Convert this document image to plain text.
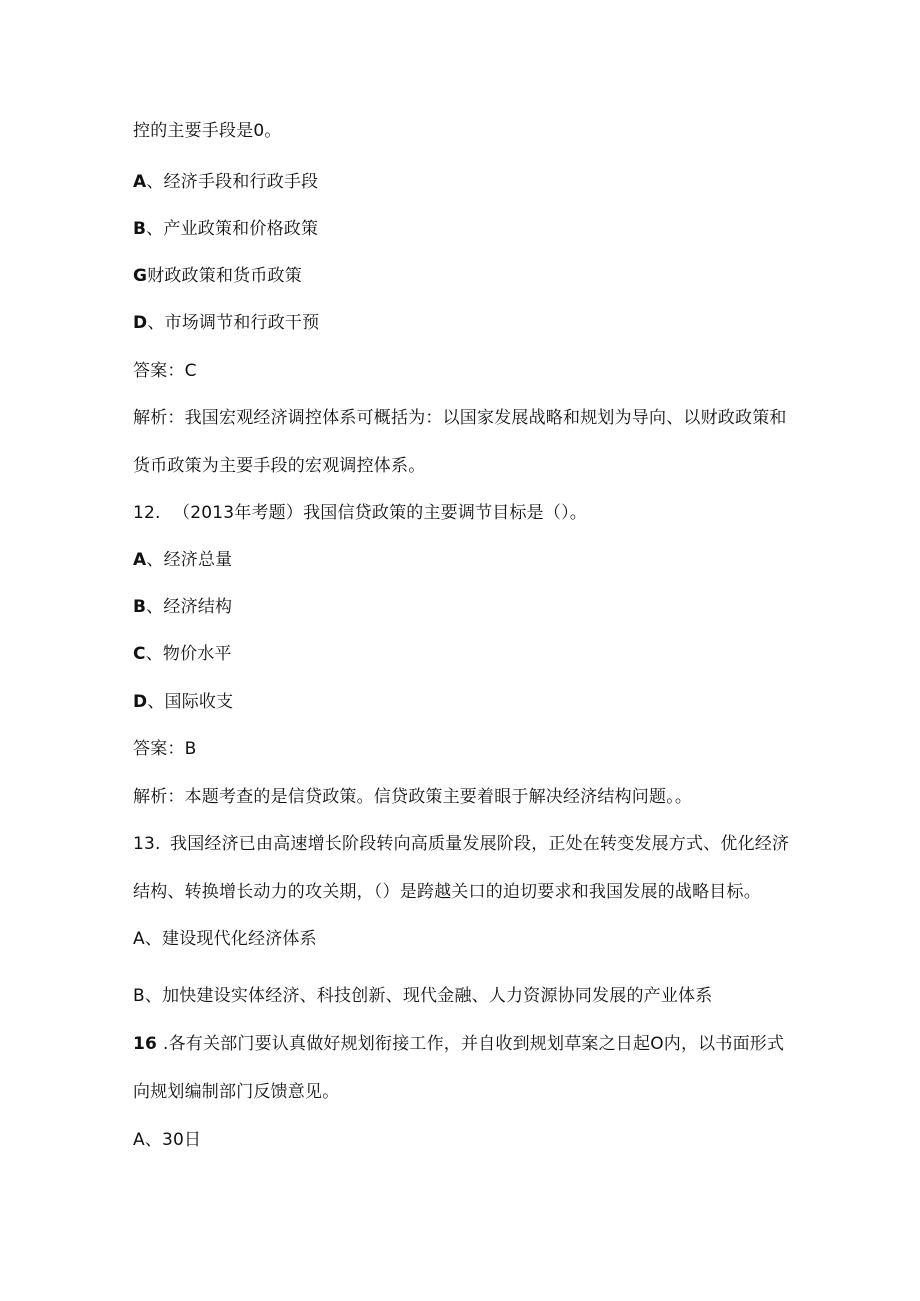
控的主要手段是0。
A、经济手段和行政手段
B、产业政策和价格政策
G财政政策和货币政策
D、市场调节和行政干预
答案：C
解析：我国宏观经济调控体系可概括为：以国家发展战略和规划为导向、以财政政策和
货币政策为主要手段的宏观调控体系。
12. （2013年考题）我国信贷政策的主要调节目标是（）。
A、经济总量
B、经济结构
C、物价水平
D、国际收支
答案：B
解析：本题考查的是信贷政策。信贷政策主要着眼于解决经济结构问题。。
13. 我国经济已由高速增长阶段转向高质量发展阶段，正处在转变发展方式、优化经济
结构、转换增长动力的攻关期，（）是跨越关口的迫切要求和我国发展的战略目标。
A、建设现代化经济体系
B、加快建设实体经济、科技创新、现代金融、人力资源协同发展的产业体系
16 .各有关部门要认真做好规划衔接工作，并自收到规划草案之日起O内，以书面形式
向规划编制部门反馈意见。
A、30日
